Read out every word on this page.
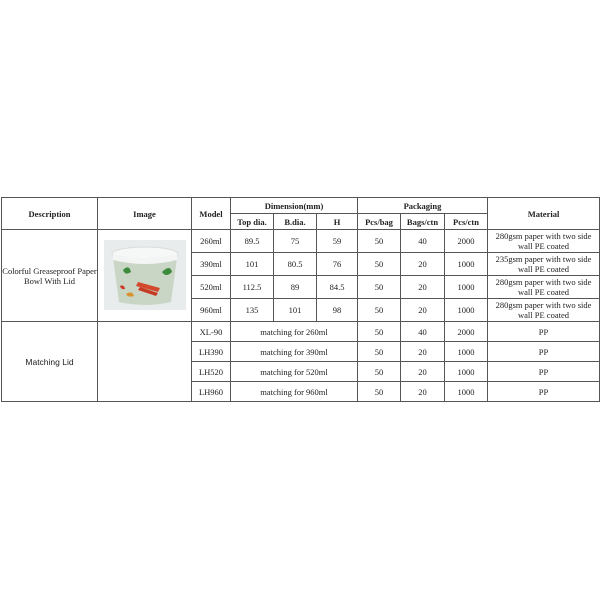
Description	Image	Model	Dimension(mm)			Packaging			Material
			Top dia.	B.dia.	H	Pcs/bag	Bags/ctn	Pcs/ctn	
Colorful Greaseproof Paper Bowl With Lid		260ml	89.5	75	59	50	40	2000	280gsm paper with two side wall PE coated
		390ml	101	80.5	76	50	20	1000	235gsm paper with two side wall PE coated
		520ml	112.5	89	84.5	50	20	1000	280gsm paper with two side wall PE coated
		960ml	135	101	98	50	20	1000	280gsm paper with two side wall PE coated
Matching Lid		XL-90	matching for 260ml			50	40	2000	PP
		LH390	matching for 390ml			50	20	1000	PP
		LH520	matching for 520ml			50	20	1000	PP
		LH960	matching for 960ml			50	20	1000	PP
